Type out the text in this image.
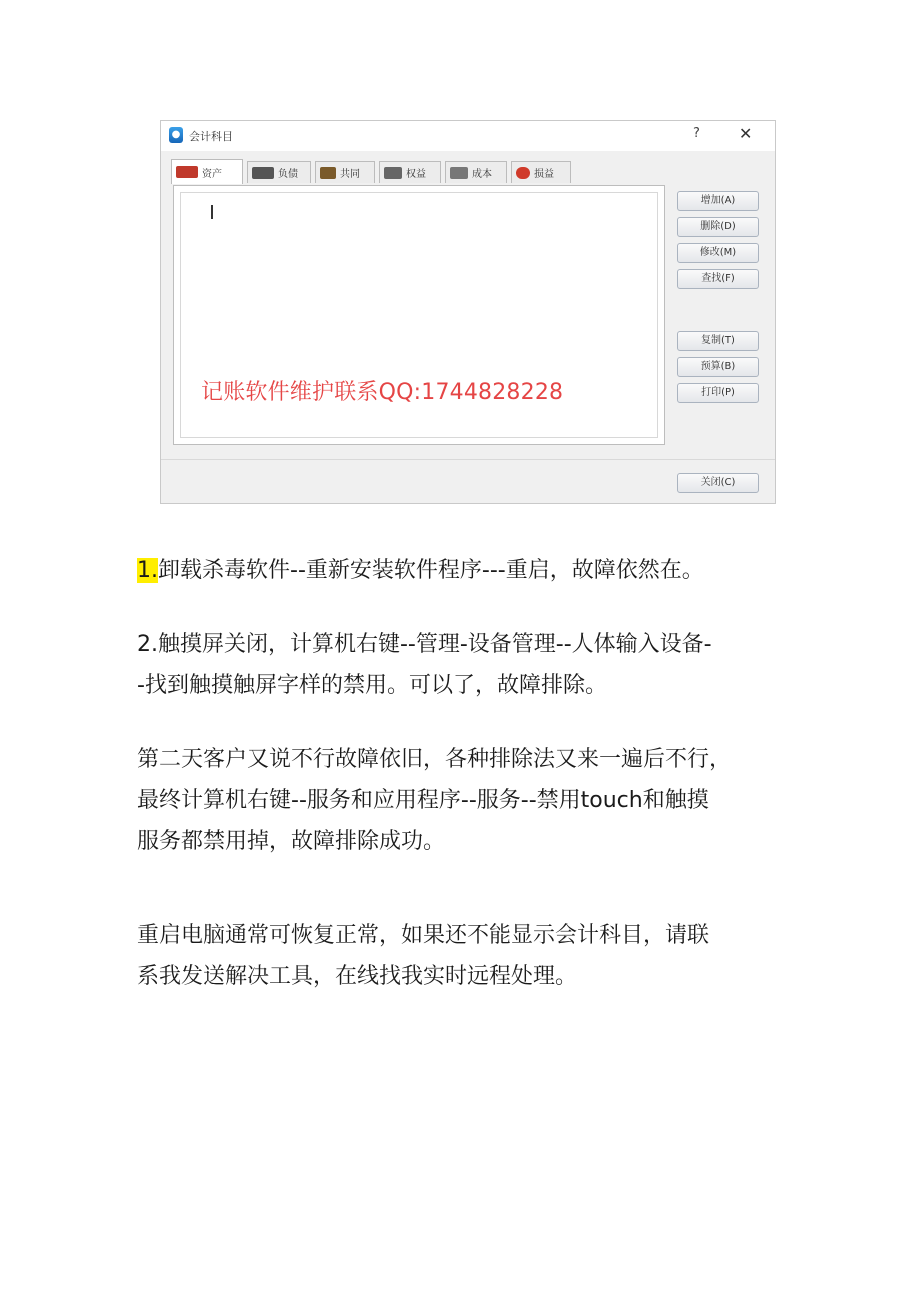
● 会计科目	? ✕
资产	负债	共同	权益	成本	损益
记账软件维护联系QQ:1744828228
增加(A)
删除(D)
修改(M)
查找(F)
复制(T)
预算(B)
打印(P)
关闭(C)

1.卸载杀毒软件--重新安装软件程序---重启，故障依然在。

2.触摸屏关闭，计算机右键--管理-设备管理--人体输入设备-
-找到触摸触屏字样的禁用。可以了，故障排除。

第二天客户又说不行故障依旧，各种排除法又来一遍后不行，
最终计算机右键--服务和应用程序--服务--禁用touch和触摸
服务都禁用掉，故障排除成功。

重启电脑通常可恢复正常，如果还不能显示会计科目，请联
系我发送解决工具，在线找我实时远程处理。
